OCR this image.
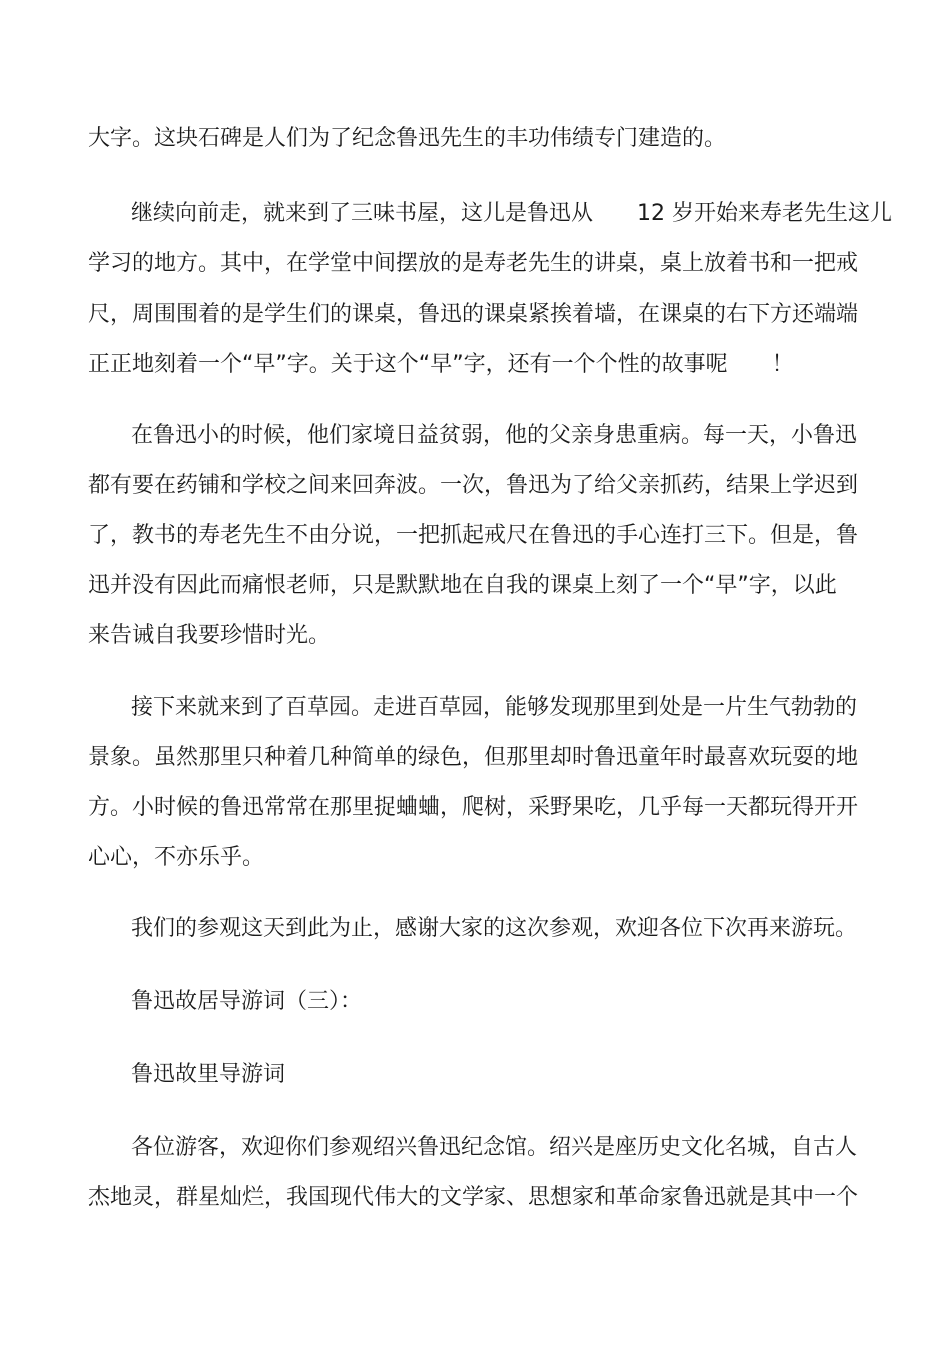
大字。这块石碑是人们为了纪念鲁迅先生的丰功伟绩专门建造的。

继续向前走，就来到了三味书屋，这儿是鲁迅从　　12 岁开始来寿老先生这儿

学习的地方。其中，在学堂中间摆放的是寿老先生的讲桌，桌上放着书和一把戒

尺，周围围着的是学生们的课桌，鲁迅的课桌紧挨着墙，在课桌的右下方还端端

正正地刻着一个“早”字。关于这个“早”字，还有一个个性的故事呢　　！

在鲁迅小的时候，他们家境日益贫弱，他的父亲身患重病。每一天，小鲁迅

都有要在药铺和学校之间来回奔波。一次，鲁迅为了给父亲抓药，结果上学迟到

了，教书的寿老先生不由分说，一把抓起戒尺在鲁迅的手心连打三下。但是，鲁

迅并没有因此而痛恨老师，只是默默地在自我的课桌上刻了一个“早”字，以此

来告诫自我要珍惜时光。

接下来就来到了百草园。走进百草园，能够发现那里到处是一片生气勃勃的

景象。虽然那里只种着几种简单的绿色，但那里却时鲁迅童年时最喜欢玩耍的地

方。小时候的鲁迅常常在那里捉蛐蛐，爬树，采野果吃，几乎每一天都玩得开开

心心，不亦乐乎。

我们的参观这天到此为止，感谢大家的这次参观，欢迎各位下次再来游玩。

鲁迅故居导游词（三）：

鲁迅故里导游词

各位游客，欢迎你们参观绍兴鲁迅纪念馆。绍兴是座历史文化名城，自古人

杰地灵，群星灿烂，我国现代伟大的文学家、思想家和革命家鲁迅就是其中一个
